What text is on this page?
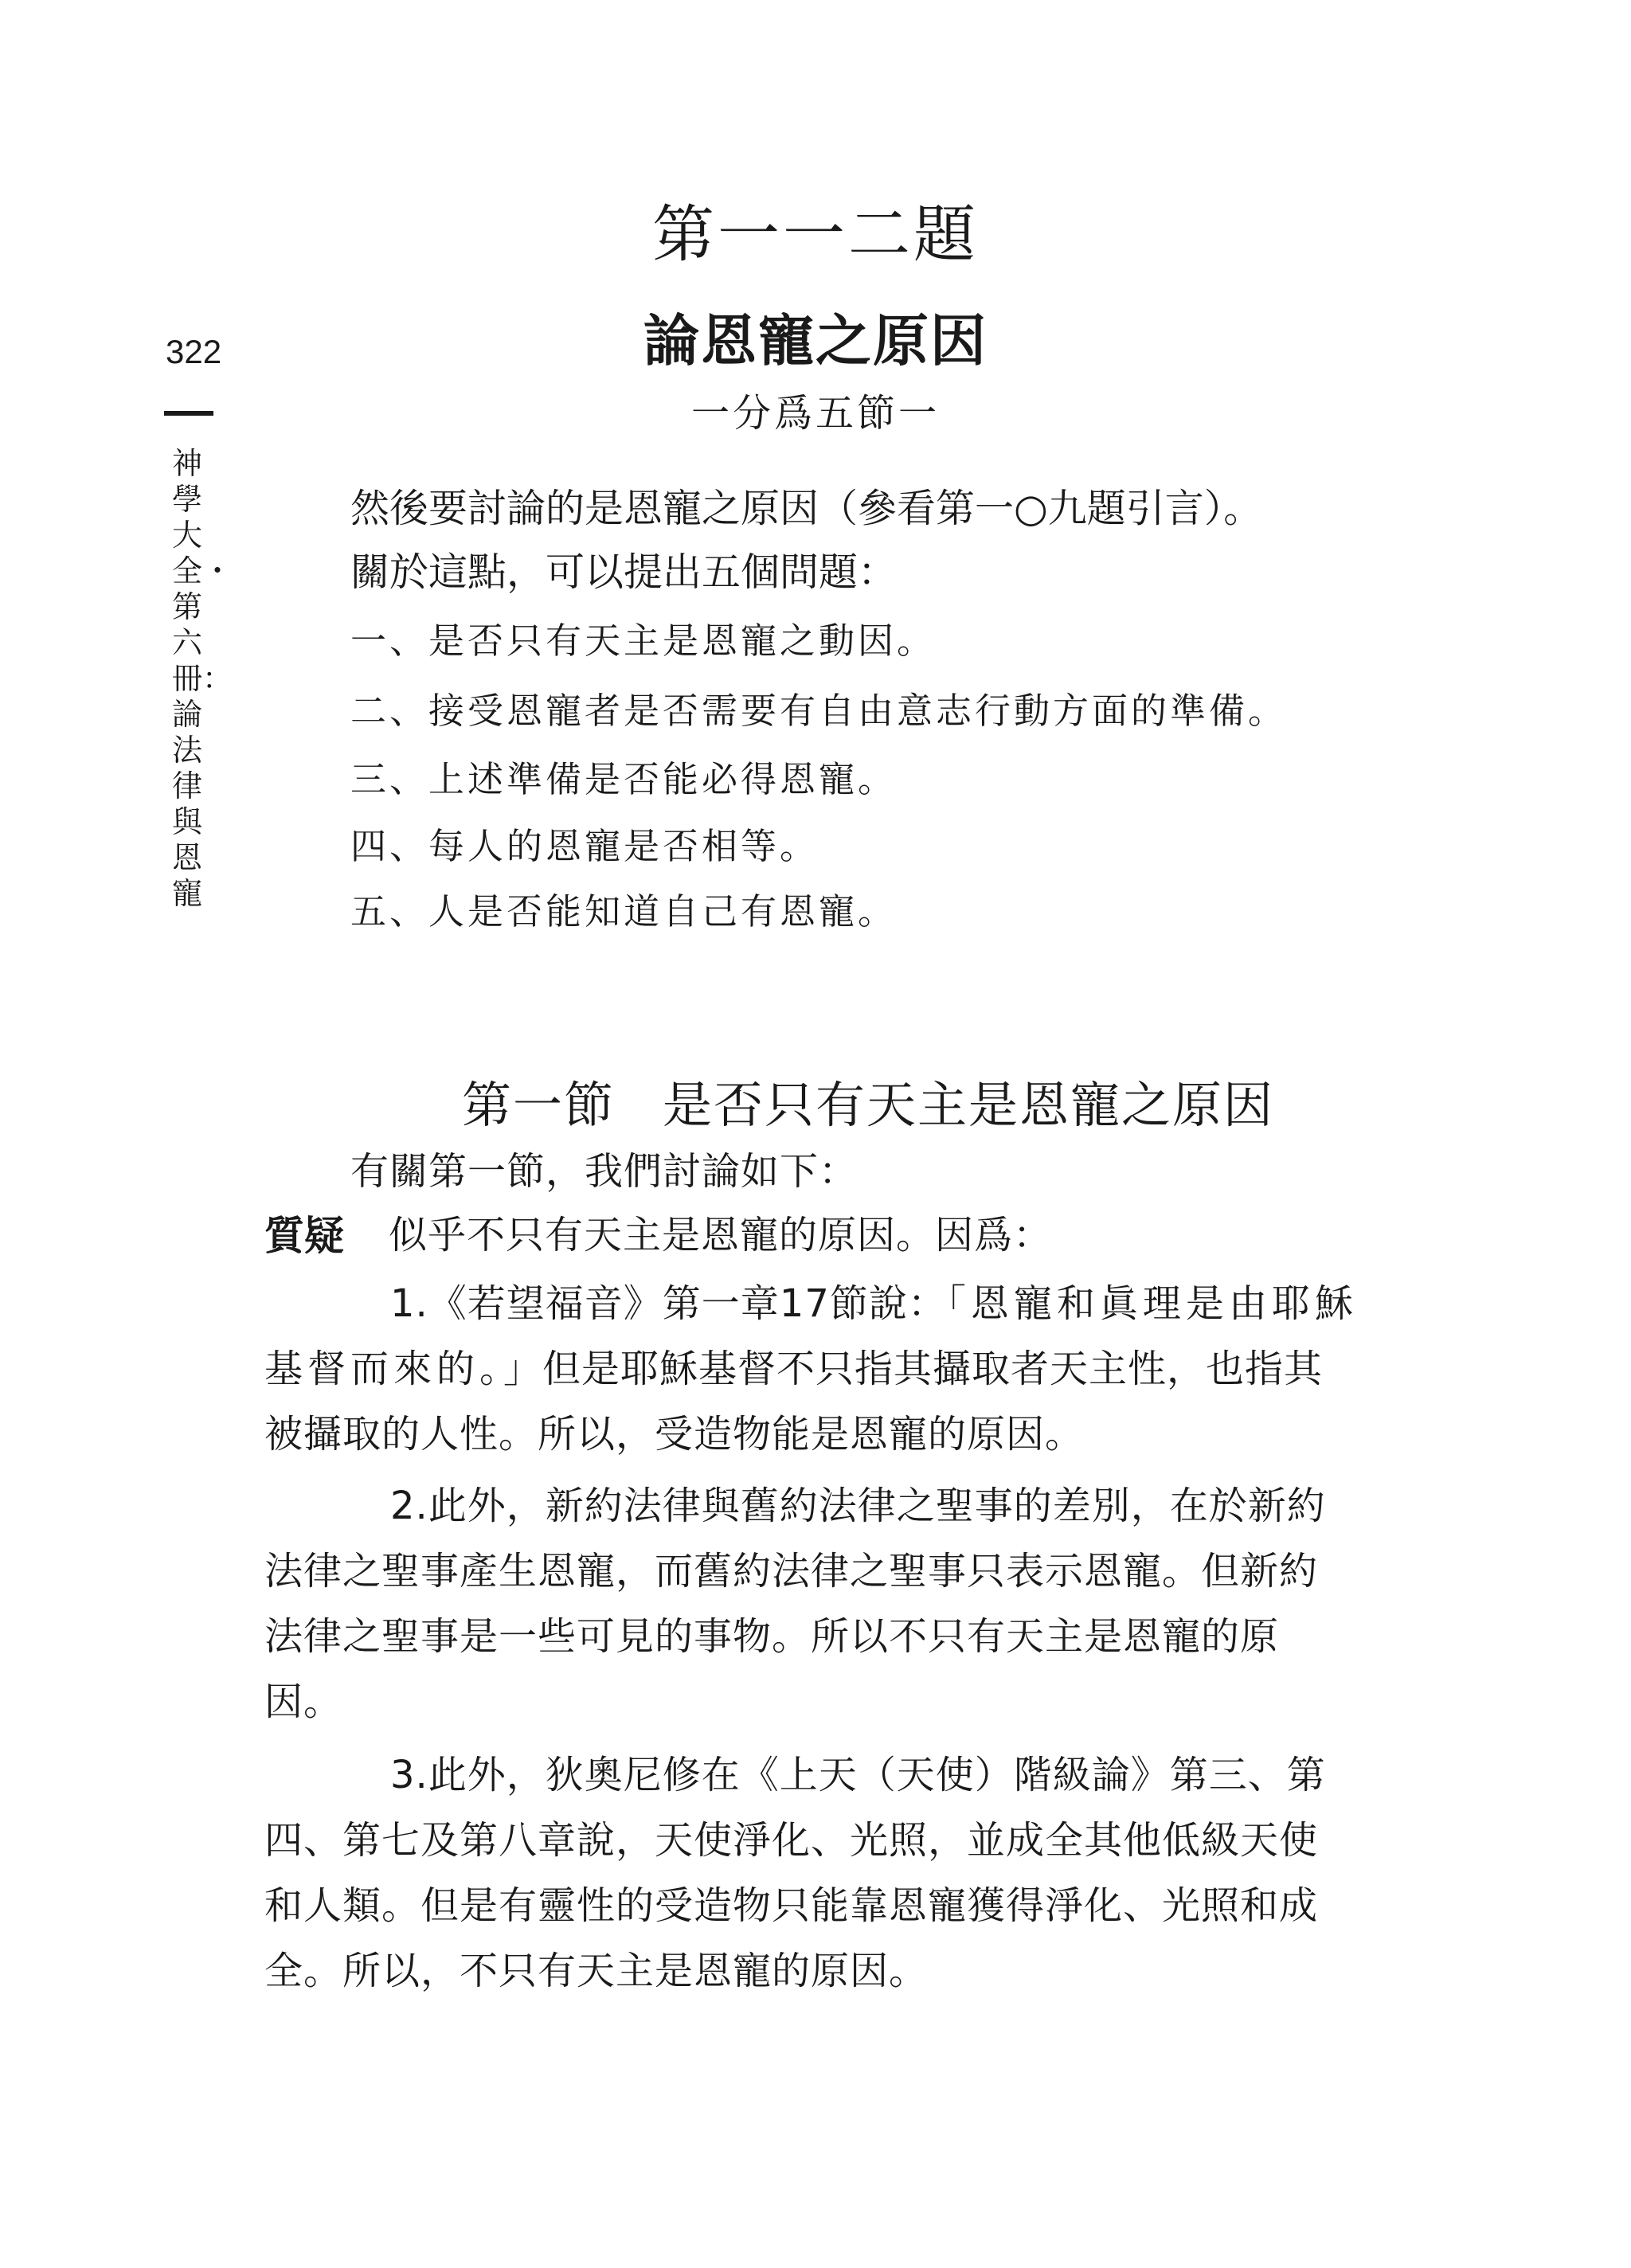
322
神學大全・第六冊：論法律與恩寵
第一一二題
論恩寵之原因
一分爲五節一
然後要討論的是恩寵之原因（參看第一○九題引言）。
關於這點，可以提出五個問題：
一、是否只有天主是恩寵之動因。
二、接受恩寵者是否需要有自由意志行動方面的準備。
三、上述準備是否能必得恩寵。
四、每人的恩寵是否相等。
五、人是否能知道自己有恩寵。
第一節 是否只有天主是恩寵之原因
有關第一節，我們討論如下：
質疑 似乎不只有天主是恩寵的原因。因爲：
1.《若望福音》第一章17節說：「恩寵和眞理是由耶穌
基督而來的。」但是耶穌基督不只指其攝取者天主性，也指其
被攝取的人性。所以，受造物能是恩寵的原因。
2.此外，新約法律與舊約法律之聖事的差別，在於新約
法律之聖事產生恩寵，而舊約法律之聖事只表示恩寵。但新約
法律之聖事是一些可見的事物。所以不只有天主是恩寵的原
因。
3.此外，狄奧尼修在《上天（天使）階級論》第三、第
四、第七及第八章說，天使淨化、光照，並成全其他低級天使
和人類。但是有靈性的受造物只能靠恩寵獲得淨化、光照和成
全。所以，不只有天主是恩寵的原因。
